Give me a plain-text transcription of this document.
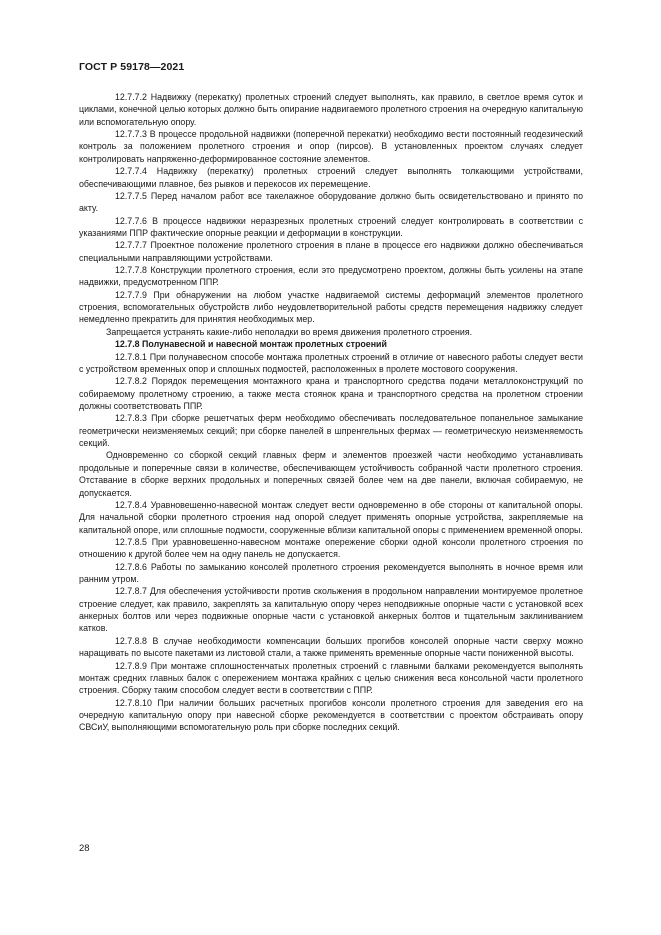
ГОСТ Р 59178—2021

12.7.7.2 Надвижку (перекатку) пролетных строений следует выполнять, как правило, в светлое время суток и циклами, конечной целью которых должно быть опирание надвигаемого пролетного строения на очередную капитальную или вспомогательную опору.

12.7.7.3 В процессе продольной надвижки (поперечной перекатки) необходимо вести постоянный геодезический контроль за положением пролетного строения и опор (пирсов). В установленных проектом случаях следует контролировать напряженно-деформированное состояние элементов.

12.7.7.4 Надвижку (перекатку) пролетных строений следует выполнять толкающими устройствами, обеспечивающими плавное, без рывков и перекосов их перемещение.

12.7.7.5 Перед началом работ все такелажное оборудование должно быть освидетельствовано и принято по акту.

12.7.7.6 В процессе надвижки неразрезных пролетных строений следует контролировать в соответствии с указаниями ППР фактические опорные реакции и деформации в конструкции.

12.7.7.7 Проектное положение пролетного строения в плане в процессе его надвижки должно обеспечиваться специальными направляющими устройствами.

12.7.7.8 Конструкции пролетного строения, если это предусмотрено проектом, должны быть усилены на этапе надвижки, предусмотренном ППР.

12.7.7.9 При обнаружении на любом участке надвигаемой системы деформаций элементов пролетного строения, вспомогательных обустройств либо неудовлетворительной работы средств перемещения надвижку следует немедленно прекратить для принятия необходимых мер.

Запрещается устранять какие-либо неполадки во время движения пролетного строения.

12.7.8 Полунавесной и навесной монтаж пролетных строений

12.7.8.1 При полунавесном способе монтажа пролетных строений в отличие от навесного работы следует вести с устройством временных опор и сплошных подмостей, расположенных в пролете мостового сооружения.

12.7.8.2 Порядок перемещения монтажного крана и транспортного средства подачи металлоконструкций по собираемому пролетному строению, а также места стоянок крана и транспортного средства на пролетном строении должны соответствовать ППР.

12.7.8.3 При сборке решетчатых ферм необходимо обеспечивать последовательное попанельное замыкание геометрически неизменяемых секций; при сборке панелей в шпренгельных фермах — геометрическую неизменяемость секций.

Одновременно со сборкой секций главных ферм и элементов проезжей части необходимо устанавливать продольные и поперечные связи в количестве, обеспечивающем устойчивость собранной части пролетного строения. Отставание в сборке верхних продольных и поперечных связей более чем на две панели, включая собираемую, не допускается.

12.7.8.4 Уравновешенно-навесной монтаж следует вести одновременно в обе стороны от капитальной опоры. Для начальной сборки пролетного строения над опорой следует применять опорные устройства, закрепляемые на капитальной опоре, или сплошные подмости, сооруженные вблизи капитальной опоры с применением временной опоры.

12.7.8.5 При уравновешенно-навесном монтаже опережение сборки одной консоли пролетного строения по отношению к другой более чем на одну панель не допускается.

12.7.8.6 Работы по замыканию консолей пролетного строения рекомендуется выполнять в ночное время или ранним утром.

12.7.8.7 Для обеспечения устойчивости против скольжения в продольном направлении монтируемое пролетное строение следует, как правило, закреплять за капитальную опору через неподвижные опорные части с установкой всех анкерных болтов или через подвижные опорные части с установкой анкерных болтов и тщательным заклиниванием катков.

12.7.8.8 В случае необходимости компенсации больших прогибов консолей опорные части сверху можно наращивать по высоте пакетами из листовой стали, а также применять временные опорные части пониженной высоты.

12.7.8.9 При монтаже сплошностенчатых пролетных строений с главными балками рекомендуется выполнять монтаж средних главных балок с опережением монтажа крайних с целью снижения веса консольной части пролетного строения. Сборку таким способом следует вести в соответствии с ППР.

12.7.8.10 При наличии больших расчетных прогибов консоли пролетного строения для заведения его на очередную капитальную опору при навесной сборке рекомендуется в соответствии с проектом обстраивать опору СВСиУ, выполняющими вспомогательную роль при сборке последних секций.

28
